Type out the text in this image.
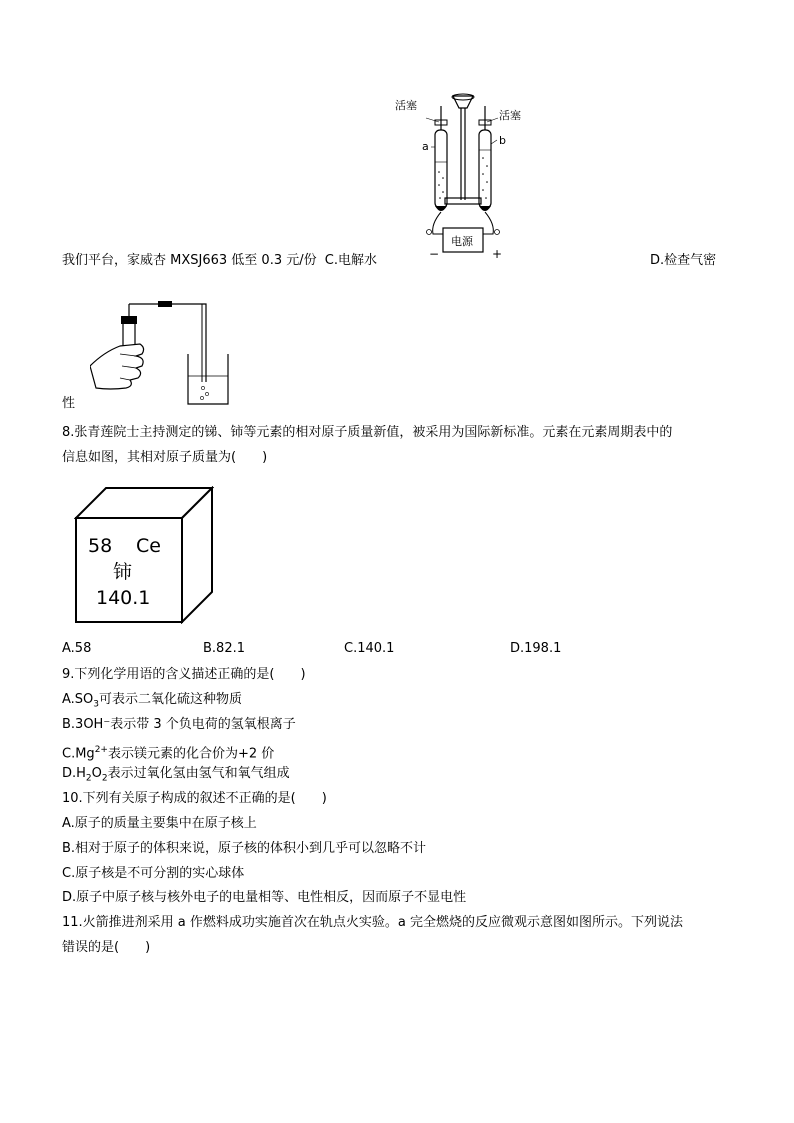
活塞
活塞
a	b
电源
−	+
我们平台，家威杏 MXSJ663 低至 0.3 元/份 C.电解水	D.检查气密
性
8.张青莲院士主持测定的锑、铈等元素的相对原子质量新值，被采用为国际新标准。元素在元素周期表中的
信息如图，其相对原子质量为(　　)
58 Ce
铈
140.1
A.58	B.82.1	C.140.1	D.198.1
9.下列化学用语的含义描述正确的是(　　)
$A.SO_3$可表示二氧化硫这种物质
B.3OH⁻表示带 3 个负电荷的氢氧根离子
$C.Mg^{2+}$表示镁元素的化合价为+2 价
$D.H_2O_2$表示过氧化氢由氢气和氧气组成
10.下列有关原子构成的叙述不正确的是(　　)
A.原子的质量主要集中在原子核上
B.相对于原子的体积来说，原子核的体积小到几乎可以忽略不计
C.原子核是不可分割的实心球体
D.原子中原子核与核外电子的电量相等、电性相反，因而原子不显电性
11.火箭推进剂采用 a 作燃料成功实施首次在轨点火实验。a 完全燃烧的反应微观示意图如图所示。下列说法
错误的是(　　)
